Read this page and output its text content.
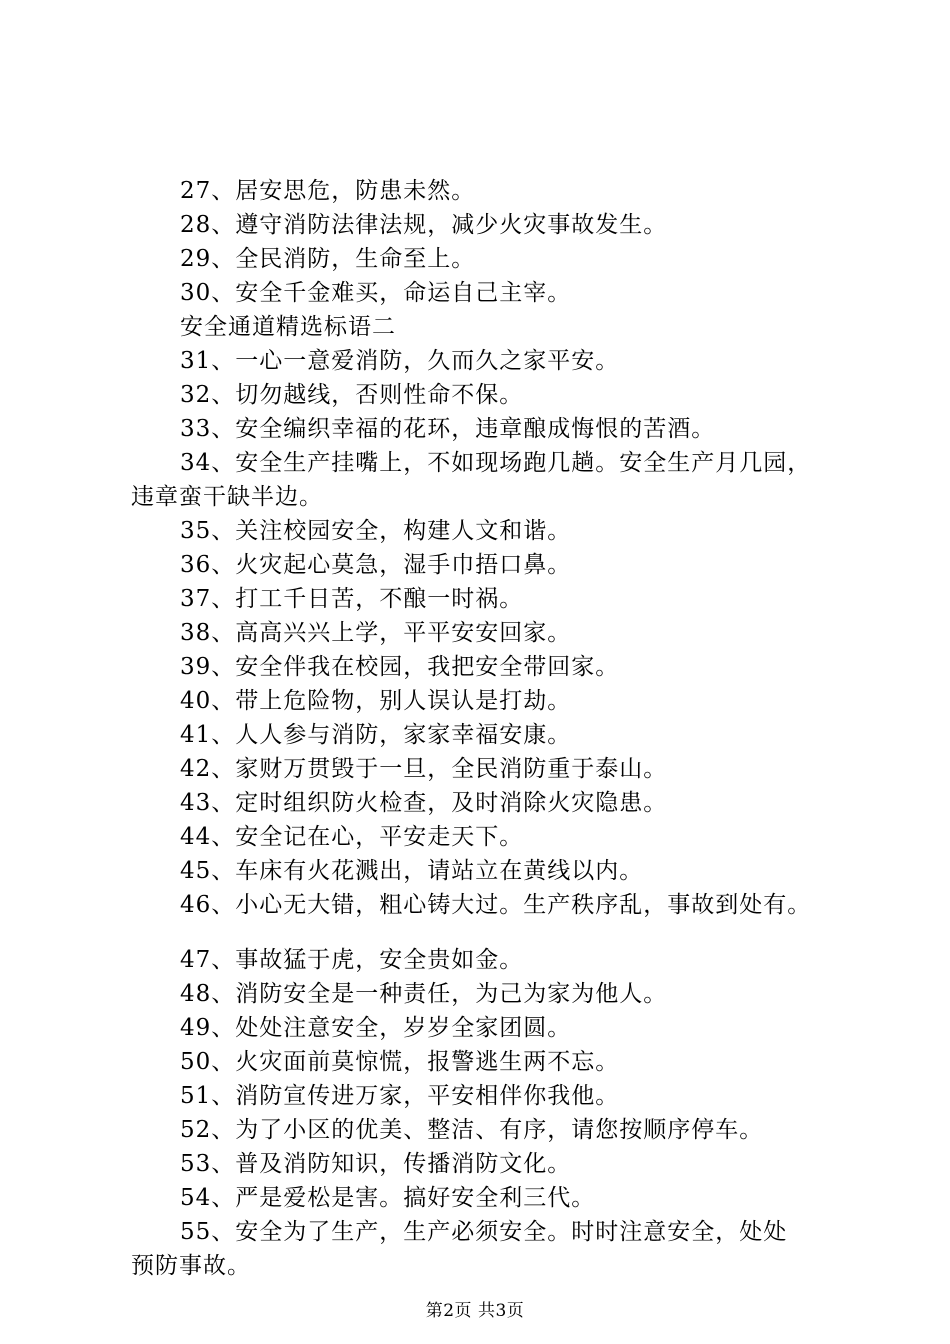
27、居安思危，防患未然。
28、遵守消防法律法规，减少火灾事故发生。
29、全民消防，生命至上。
30、安全千金难买，命运自己主宰。
安全通道精选标语二
31、一心一意爱消防，久而久之家平安。
32、切勿越线，否则性命不保。
33、安全编织幸福的花环，违章酿成悔恨的苦酒。
34、安全生产挂嘴上，不如现场跑几趟。安全生产月几园，
违章蛮干缺半边。
35、关注校园安全，构建人文和谐。
36、火灾起心莫急，湿手巾捂口鼻。
37、打工千日苦，不酿一时祸。
38、高高兴兴上学，平平安安回家。
39、安全伴我在校园，我把安全带回家。
40、带上危险物，别人误认是打劫。
41、人人参与消防，家家幸福安康。
42、家财万贯毁于一旦，全民消防重于泰山。
43、定时组织防火检查，及时消除火灾隐患。
44、安全记在心，平安走天下。
45、车床有火花溅出，请站立在黄线以内。
46、小心无大错，粗心铸大过。生产秩序乱，事故到处有。
47、事故猛于虎，安全贵如金。
48、消防安全是一种责任，为己为家为他人。
49、处处注意安全，岁岁全家团圆。
50、火灾面前莫惊慌，报警逃生两不忘。
51、消防宣传进万家，平安相伴你我他。
52、为了小区的优美、整洁、有序，请您按顺序停车。
53、普及消防知识，传播消防文化。
54、严是爱松是害。搞好安全利三代。
55、安全为了生产，生产必须安全。时时注意安全，处处
预防事故。
第2页 共3页
